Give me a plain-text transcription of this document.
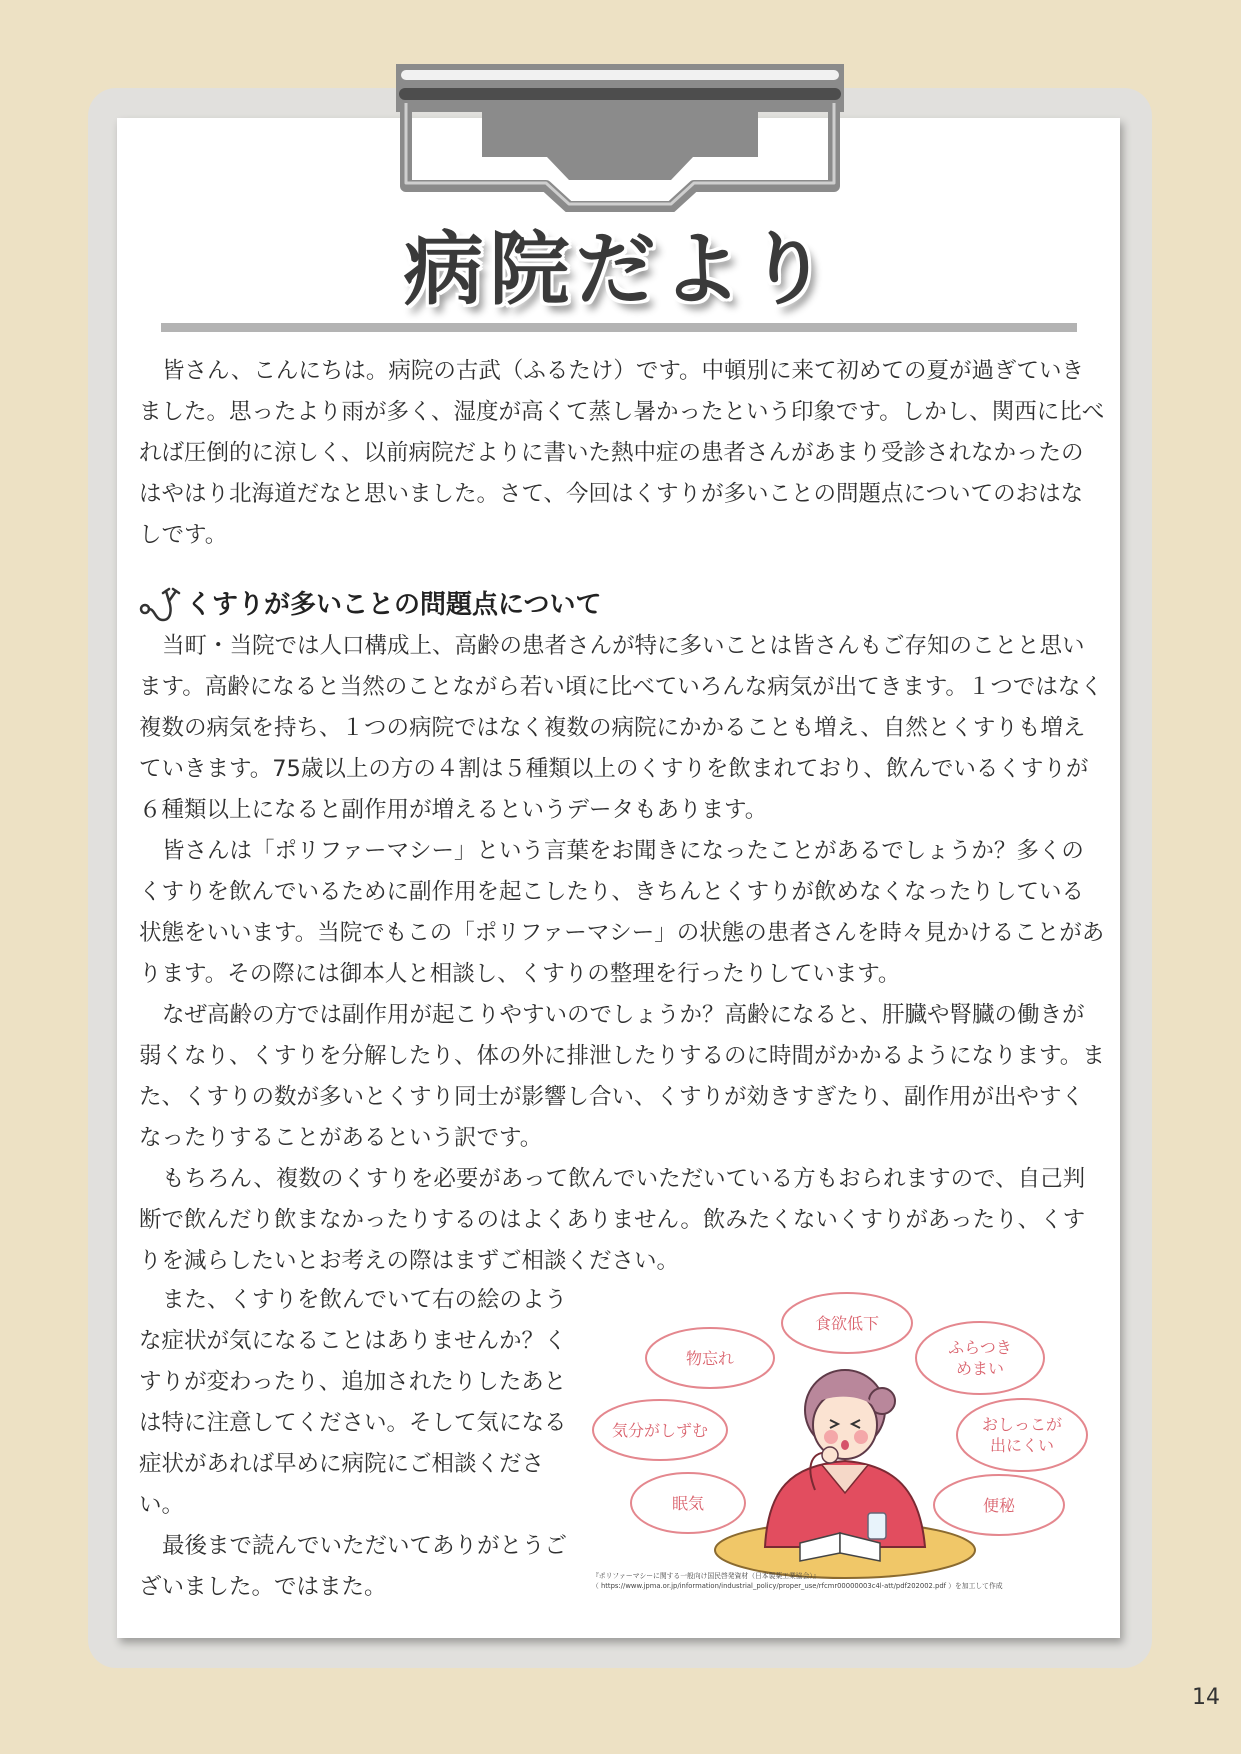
病院だより

皆さん、こんにちは。病院の古武（ふるたけ）です。中頓別に来て初めての夏が過ぎていきました。思ったより雨が多く、湿度が高くて蒸し暑かったという印象です。しかし、関西に比べれば圧倒的に涼しく、以前病院だよりに書いた熱中症の患者さんがあまり受診されなかったのはやはり北海道だなと思いました。さて、今回はくすりが多いことの問題点についてのおはなしです。

くすりが多いことの問題点について

当町・当院では人口構成上、高齢の患者さんが特に多いことは皆さんもご存知のことと思います。高齢になると当然のことながら若い頃に比べていろんな病気が出てきます。１つではなく複数の病気を持ち、１つの病院ではなく複数の病院にかかることも増え、自然とくすりも増えていきます。75歳以上の方の４割は５種類以上のくすりを飲まれており、飲んでいるくすりが６種類以上になると副作用が増えるというデータもあります。

皆さんは「ポリファーマシー」という言葉をお聞きになったことがあるでしょうか？多くのくすりを飲んでいるために副作用を起こしたり、きちんとくすりが飲めなくなったりしている状態をいいます。当院でもこの「ポリファーマシー」の状態の患者さんを時々見かけることがあります。その際には御本人と相談し、くすりの整理を行ったりしています。

なぜ高齢の方では副作用が起こりやすいのでしょうか？高齢になると、肝臓や腎臓の働きが弱くなり、くすりを分解したり、体の外に排泄したりするのに時間がかかるようになります。また、くすりの数が多いとくすり同士が影響し合い、くすりが効きすぎたり、副作用が出やすくなったりすることがあるという訳です。

もちろん、複数のくすりを必要があって飲んでいただいている方もおられますので、自己判断で飲んだり飲まなかったりするのはよくありません。飲みたくないくすりがあったり、くすりを減らしたいとお考えの際はまずご相談ください。

また、くすりを飲んでいて右の絵のような症状が気になることはありませんか？くすりが変わったり、追加されたりしたあとは特に注意してください。そして気になる症状があれば早めに病院にご相談ください。

最後まで読んでいただいてありがとうございました。ではまた。

食欲低下
物忘れ
ふらつき
めまい
気分がしずむ	おしっこが
出にくい
眠気	便秘
『ポリファーマシーに関する一般向け国民啓発資材（日本製薬工業協会）』
（ https://www.jpma.or.jp/information/industrial_policy/proper_use/rfcmr00000003c4l-att/pdf202002.pdf ）を加工して作成
14
